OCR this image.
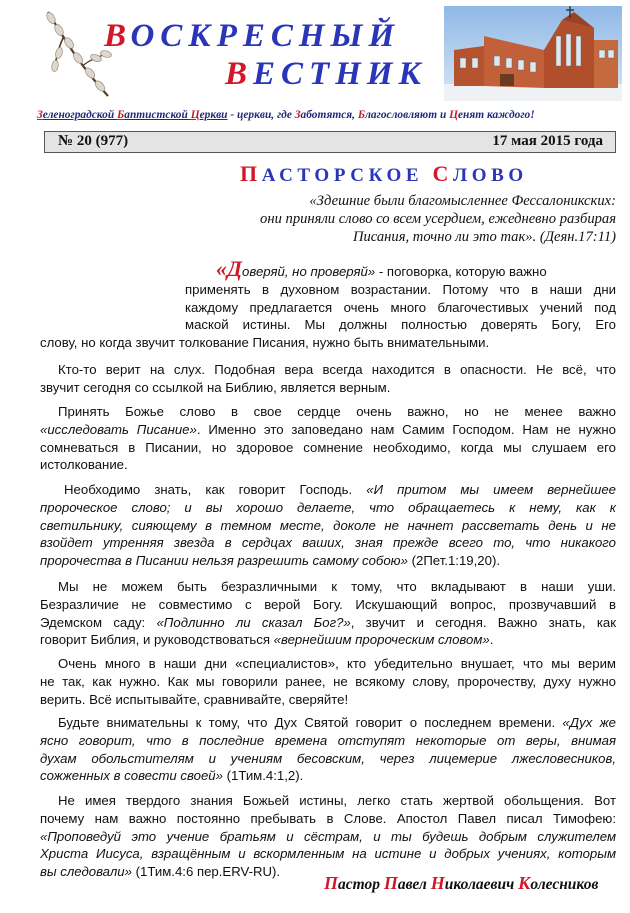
ВОСКРЕСНЫЙ
ВЕСТНИК
Зеленоградской Баптистской Церкви - церкви, где Заботятся, Благословляют и Ценят каждого!
№ 20 (977)	17 мая 2015 года
ПАСТОРСКОЕ СЛОВО
«Здешние были благомысленнее Фессалоникских:
они приняли слово со всем усердием, ежедневно разбирая
Писания, точно ли это так». (Деян.17:11)
«Доверяй, но проверяй» - поговорка, которую важно
применять в духовном возрастании. Потому что в наши дни
каждому предлагается очень много благочестивых учений под
маской истины. Мы должны полностью доверять Богу, Его
слову, но когда звучит толкование Писания, нужно быть внимательными.
Кто-то верит на слух. Подобная вера всегда находится в опасности. Не всё, что
звучит сегодня со ссылкой на Библию, является верным.
Принять Божье слово в свое сердце очень важно, но не менее важно
«исследовать Писание». Именно это заповедано нам Самим Господом. Нам не нужно
сомневаться в Писании, но здоровое сомнение необходимо, когда мы слушаем его
истолкование.
Необходимо знать, как говорит Господь. «И притом мы имеем вернейшее
пророческое слово; и вы хорошо делаете, что обращаетесь к нему, как к
светильнику, сияющему в темном месте, доколе не начнет рассветать день и не
взойдет утренняя звезда в сердцах ваших, зная прежде всего то, что никакого
пророчества в Писании нельзя разрешить самому собою» (2Пет.1:19,20).
Мы не можем быть безразличными к тому, что вкладывают в наши уши.
Безразличие не совместимо с верой Богу. Искушающий вопрос, прозвучавший в
Эдемском саду: «Подлинно ли сказал Бог?», звучит и сегодня. Важно знать, как
говорит Библия, и руководствоваться «вернейшим пророческим словом».
Очень много в наши дни «специалистов», кто убедительно внушает, что мы верим
не так, как нужно. Как мы говорили ранее, не всякому слову, пророчеству, духу нужно
верить. Всё испытывайте, сравнивайте, сверяйте!
Будьте внимательны к тому, что Дух Святой говорит о последнем времени. «Дух же
ясно говорит, что в последние времена отступят некоторые от веры, внимая
духам обольстителям и учениям бесовским, через лицемерие лжесловесников,
сожженных в совести своей» (1Тим.4:1,2).
Не имея твердого знания Божьей истины, легко стать жертвой обольщения. Вот
почему нам важно постоянно пребывать в Слове. Апостол Павел писал Тимофею:
«Проповедуй это учение братьям и сёстрам, и ты будешь добрым служителем
Христа Иисуса, взращённым и вскормленным на истине и добрых учениях, которым
вы следовали» (1Тим.4:6 пер.ERV-RU).
Пастор Павел Николаевич Колесников
